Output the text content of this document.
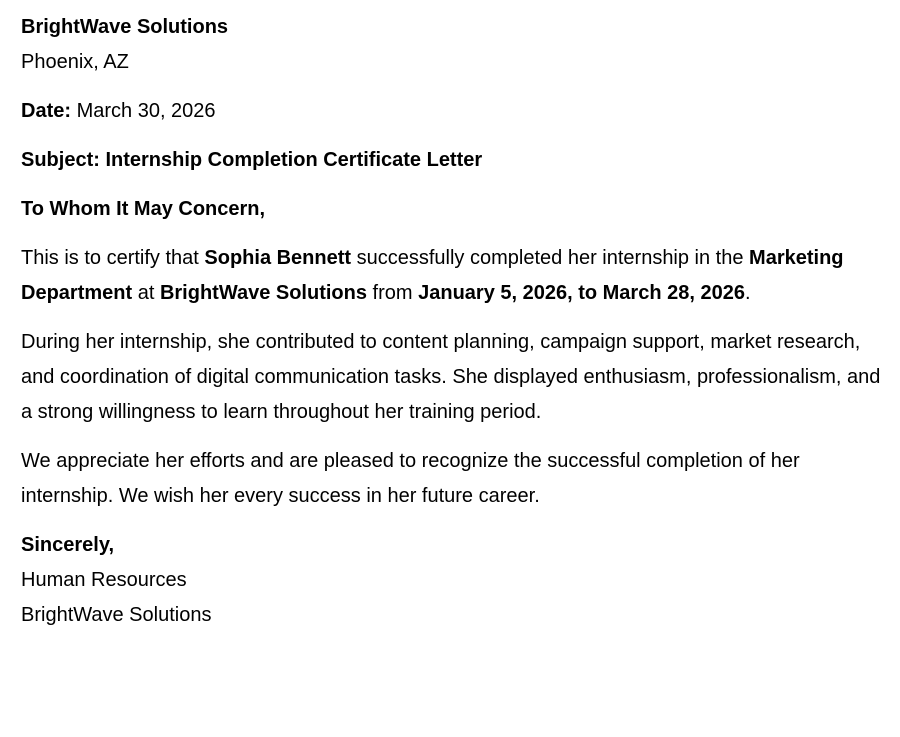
BrightWave Solutions
Phoenix, AZ
Date: March 30, 2026
Subject: Internship Completion Certificate Letter
To Whom It May Concern,
This is to certify that Sophia Bennett successfully completed her internship in the Marketing Department at BrightWave Solutions from January 5, 2026, to March 28, 2026.
During her internship, she contributed to content planning, campaign support, market research, and coordination of digital communication tasks. She displayed enthusiasm, professionalism, and a strong willingness to learn throughout her training period.
We appreciate her efforts and are pleased to recognize the successful completion of her internship. We wish her every success in her future career.
Sincerely,
Human Resources
BrightWave Solutions
